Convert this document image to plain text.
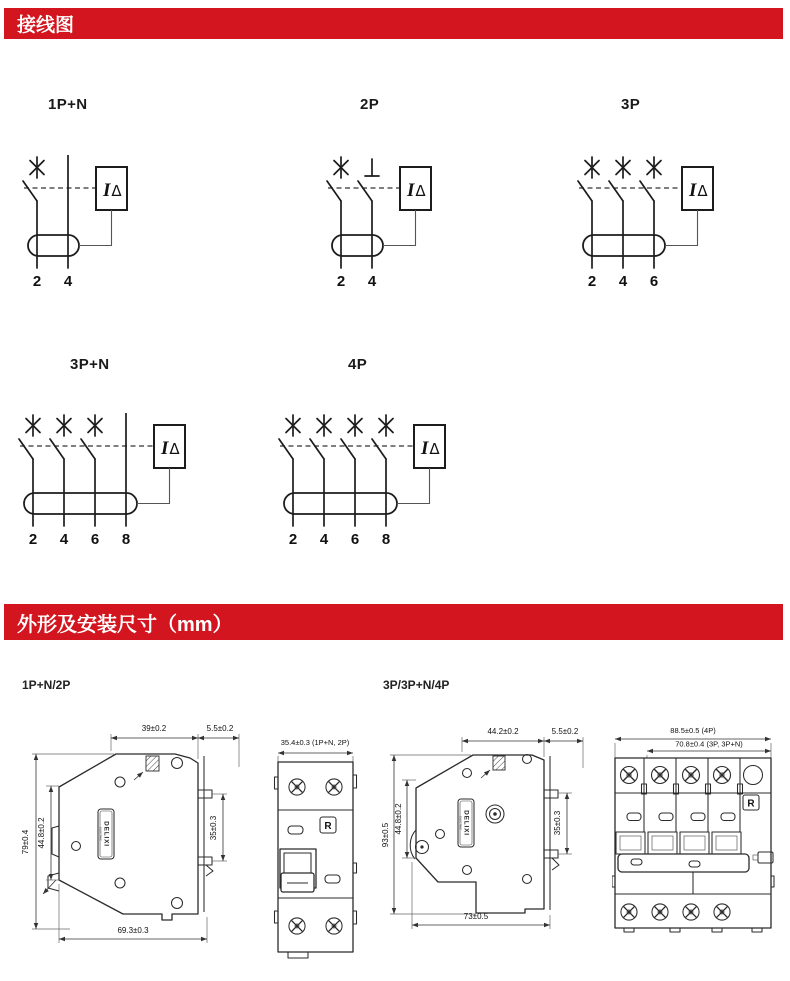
接线图
1P+N	2P	3P
3P+N	4P
2 4
IΔ
2 4
IΔ
2 4 6
IΔ
2 4 6 8
IΔ
2 4 6 8
IΔ
外形及安装尺寸（mm）
1P+N/2P	3P/3P+N/4P
DELIXI
ELECTRIC
39±0.2	5.5±0.2
79±0.4 44.8±0.2	35±0.3
69.3±0.3
35.4±0.3 (1P+N, 2P)
R	DELIXI
ELECTRIC
44.2±0.2	5.5±0.2
93±0.5
44.8±0.2	35±0.3
73±0.5
88.5±0.5 (4P)
70.8±0.4 (3P, 3P+N)
R
